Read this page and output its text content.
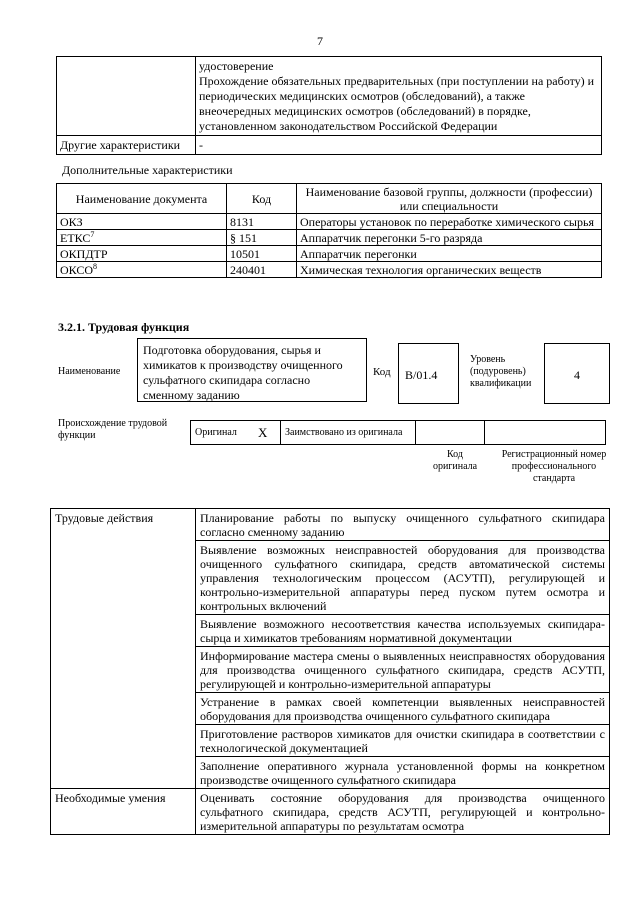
7

	удостоверение
Прохождение обязательных предварительных (при поступлении на работу) и периодических медицинских осмотров (обследований), а также внеочередных медицинских осмотров (обследований) в порядке, установленном законодательством Российской Федерации

Другие характеристики	-
Дополнительные характеристики
Наименование документа	Код	Наименование базовой группы, должности (профессии) или специальности
ОКЗ	8131	Операторы установок по переработке химического сырья
ЕТКС$^7$	§ 151	Аппаратчик перегонки 5-го разряда
ОКПДТР	10501	Аппаратчик перегонки
ОКСО$^8$	240401	Химическая технология органических веществ
3.2.1. Трудовая функция
Наименование
Подготовка оборудования, сырья и химикатов к производству очищенного сульфатного скипидара согласно сменному заданию
Код	В/01.4
Уровень (подуровень) квалификации
4
Происхождение трудовой функции	Оригинал	X	Заимствовано из оригинала		
Код оригинала
Регистрационный номер профессионального стандарта
Трудовые действия	Планирование работы по выпуску очищенного сульфатного скипидара согласно сменному заданию
	Выявление возможных неисправностей оборудования для производства очищенного сульфатного скипидара, средств автоматической системы управления технологическим процессом (АСУТП), регулирующей и контрольно-измерительной аппаратуры перед пуском путем осмотра и контрольных включений
	Выявление возможного несоответствия качества используемых скипидара-сырца и химикатов требованиям нормативной документации
	Информирование мастера смены о выявленных неисправностях оборудования для производства очищенного сульфатного скипидара, средств АСУТП, регулирующей и контрольно-измерительной аппаратуры
	Устранение в рамках своей компетенции выявленных неисправностей оборудования для производства очищенного сульфатного скипидара
	Приготовление растворов химикатов для очистки скипидара в соответствии с технологической документацией
	Заполнение оперативного журнала установленной формы на конкретном производстве очищенного сульфатного скипидара
Необходимые умения	Оценивать состояние оборудования для производства очищенного сульфатного скипидара, средств АСУТП, регулирующей и контрольно-измерительной аппаратуры по результатам осмотра
